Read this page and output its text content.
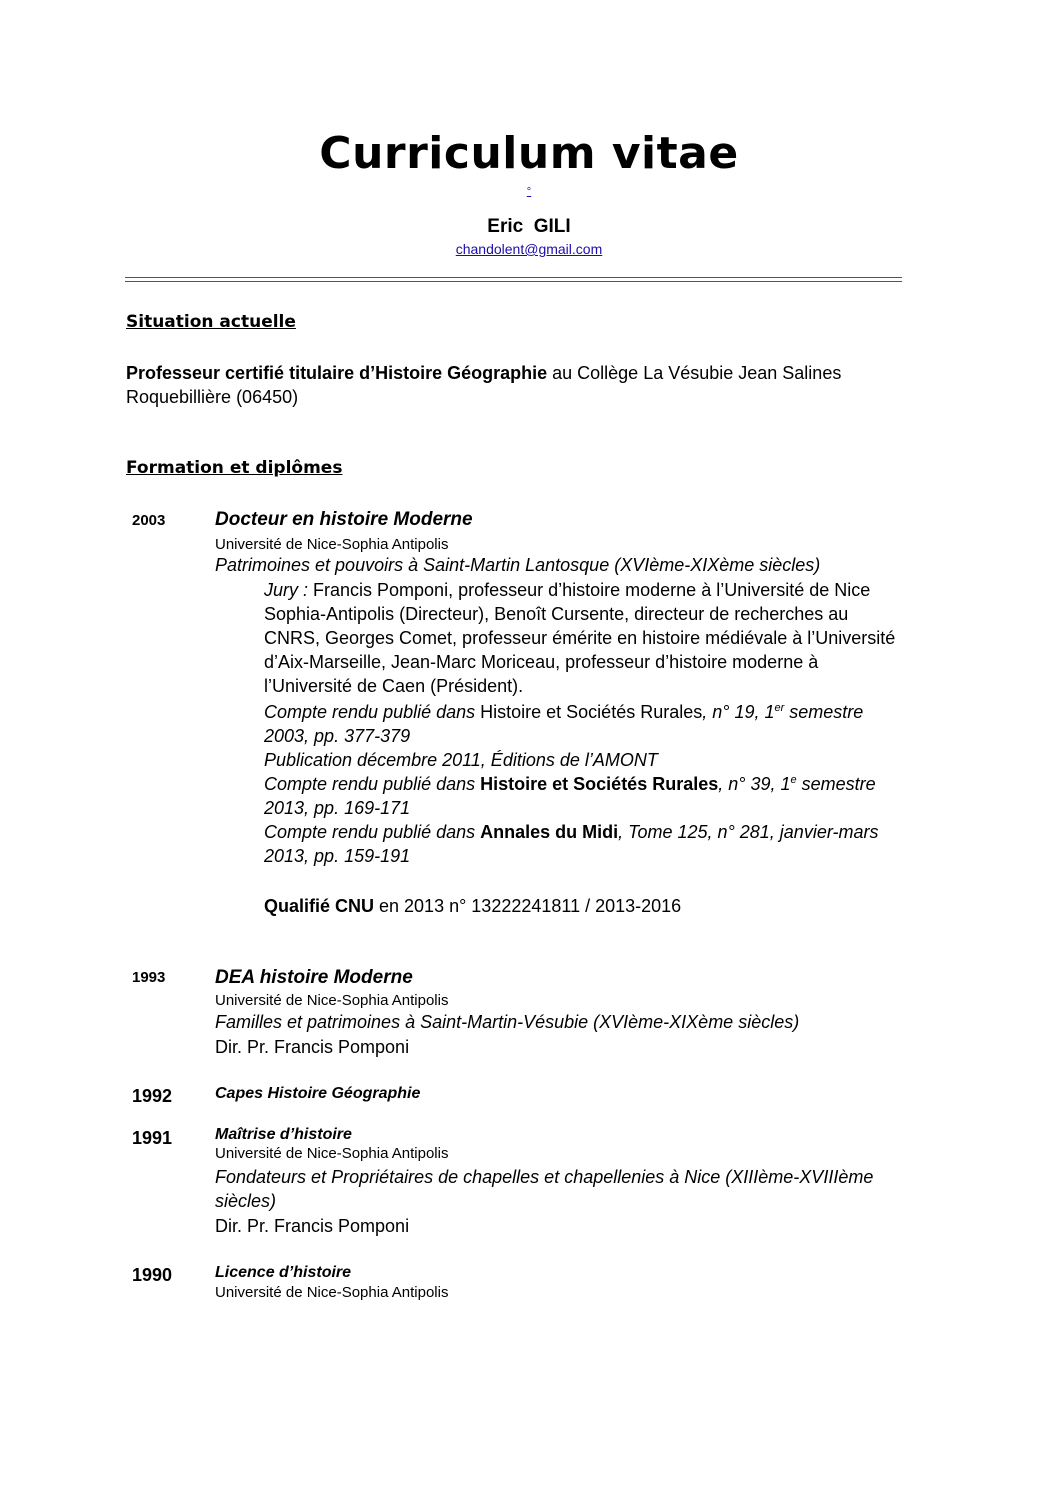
Curriculum vitae
°
Eric  GILI
chandolent@gmail.com
Situation actuelle
Professeur certifié titulaire d’Histoire Géographie au Collège La Vésubie Jean Salines
Roquebillière (06450)
Formation et diplômes
2003	Docteur en histoire Moderne
Université de Nice-Sophia Antipolis
Patrimoines et pouvoirs à Saint-Martin Lantosque (XVIème-XIXème siècles)
Jury : Francis Pomponi, professeur d’histoire moderne à l’Université de Nice
Sophia-Antipolis (Directeur), Benoît Cursente, directeur de recherches au
CNRS, Georges Comet, professeur émérite en histoire médiévale à l’Université
d’Aix-Marseille, Jean-Marc Moriceau, professeur d’histoire moderne à
l’Université de Caen (Président).
Compte rendu publié dans Histoire et Sociétés Rurales, n° 19, 1er semestre
2003, pp. 377-379
Publication décembre 2011, Éditions de l’AMONT
Compte rendu publié dans Histoire et Sociétés Rurales, n° 39, 1e semestre
2013, pp. 169-171
Compte rendu publié dans Annales du Midi, Tome 125, n° 281, janvier-mars
2013, pp. 159-191
Qualifié CNU en 2013 n° 13222241811 / 2013-2016
1993	DEA histoire Moderne
Université de Nice-Sophia Antipolis
Familles et patrimoines à Saint-Martin-Vésubie (XVIème-XIXème siècles)
Dir. Pr. Francis Pomponi
1992	Capes Histoire Géographie
1991	Maîtrise d’histoire
Université de Nice-Sophia Antipolis
Fondateurs et Propriétaires de chapelles et chapellenies à Nice (XIIIème-XVIIIème
siècles)
Dir. Pr. Francis Pomponi
1990	Licence d’histoire
Université de Nice-Sophia Antipolis
